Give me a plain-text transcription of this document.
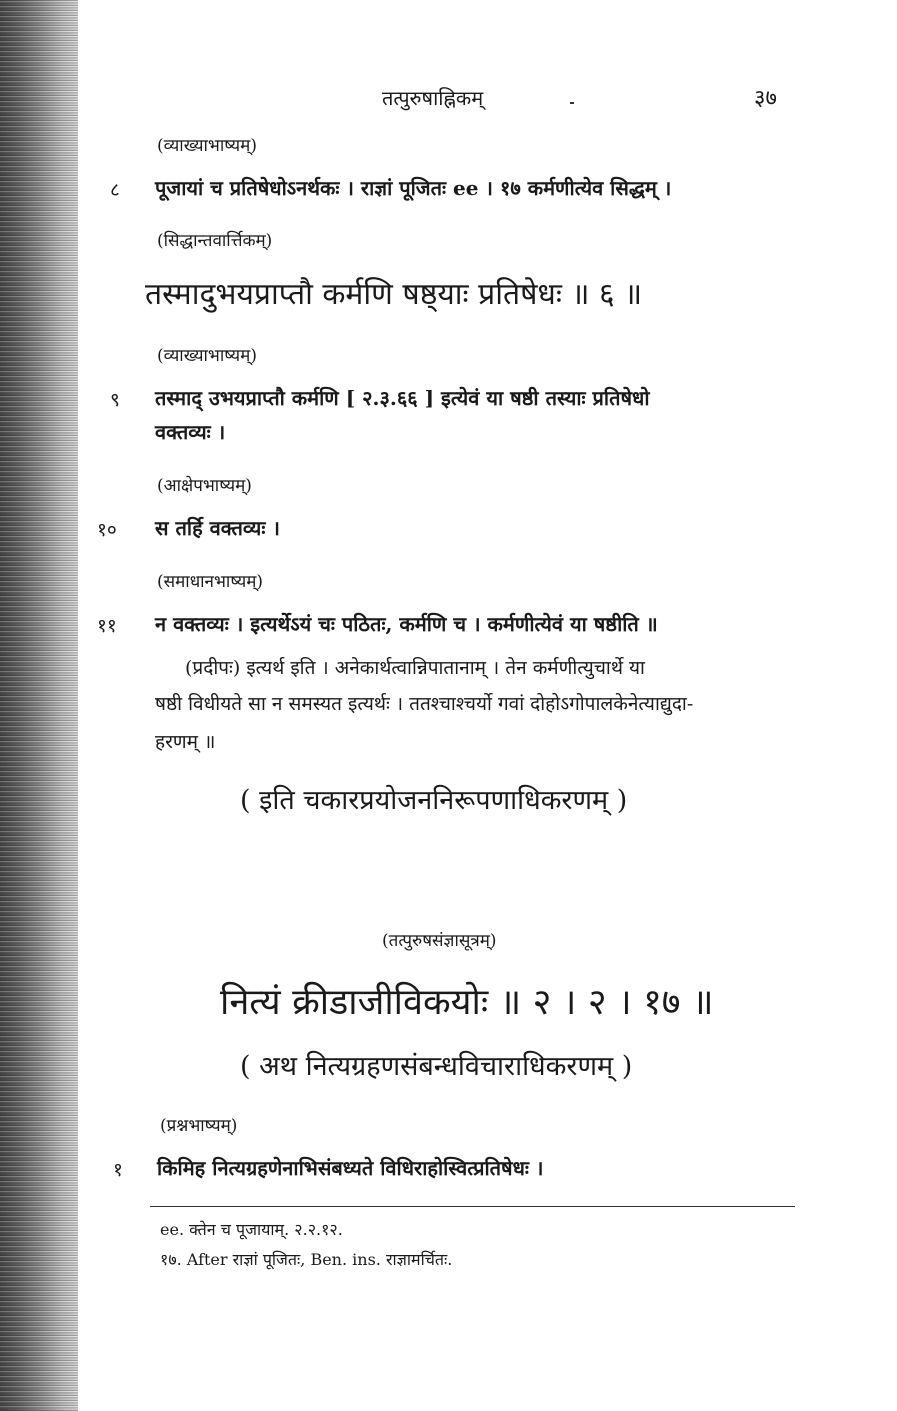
तत्पुरुषाह्निकम्	३७
(व्याख्याभाष्यम्)
८ पूजायां च प्रतिषेधोऽनर्थकः । राज्ञां पूजितः ee । १७ कर्मणीत्येव सिद्धम् ।
(सिद्धान्तवार्त्तिकम्)
तस्मादुभयप्राप्तौ कर्मणि षष्ठ्याः प्रतिषेधः ॥ ६ ॥
(व्याख्याभाष्यम्)
९ तस्माद् उभयप्राप्तौ कर्मणि [ २.३.६६ ] इत्येवं या षष्ठी तस्याः प्रतिषेधो
वक्तव्यः ।
(आक्षेपभाष्यम्)
१० स तर्हि वक्तव्यः ।
(समाधानभाष्यम्)
११ न वक्तव्यः । इत्यर्थेऽयं चः पठितः, कर्मणि च । कर्मणीत्येवं या षष्ठीति ॥
(प्रदीपः) इत्यर्थ इति । अनेकार्थत्वान्निपातानाम् । तेन कर्मणीत्युचार्थे या
षष्ठी विधीयते सा न समस्यत इत्यर्थः । ततश्चाश्चर्यो गवां दोहोऽगोपालकेनेत्याद्युदा-
हरणम् ॥
( इति चकारप्रयोजननिरूपणाधिकरणम् )
(तत्पुरुषसंज्ञासूत्रम्)
नित्यं क्रीडाजीविकयोः ॥ २ । २ । १७ ॥
( अथ नित्यग्रहणसंबन्धविचाराधिकरणम् )
(प्रश्नभाष्यम्)
१ किमिह नित्यग्रहणेनाभिसंबध्यते विधिराहोस्वित्प्रतिषेधः ।
ee. क्तेन च पूजायाम्. २.२.१२.
१७. After राज्ञां पूजितः, Ben. ins. राज्ञामर्चितः.
